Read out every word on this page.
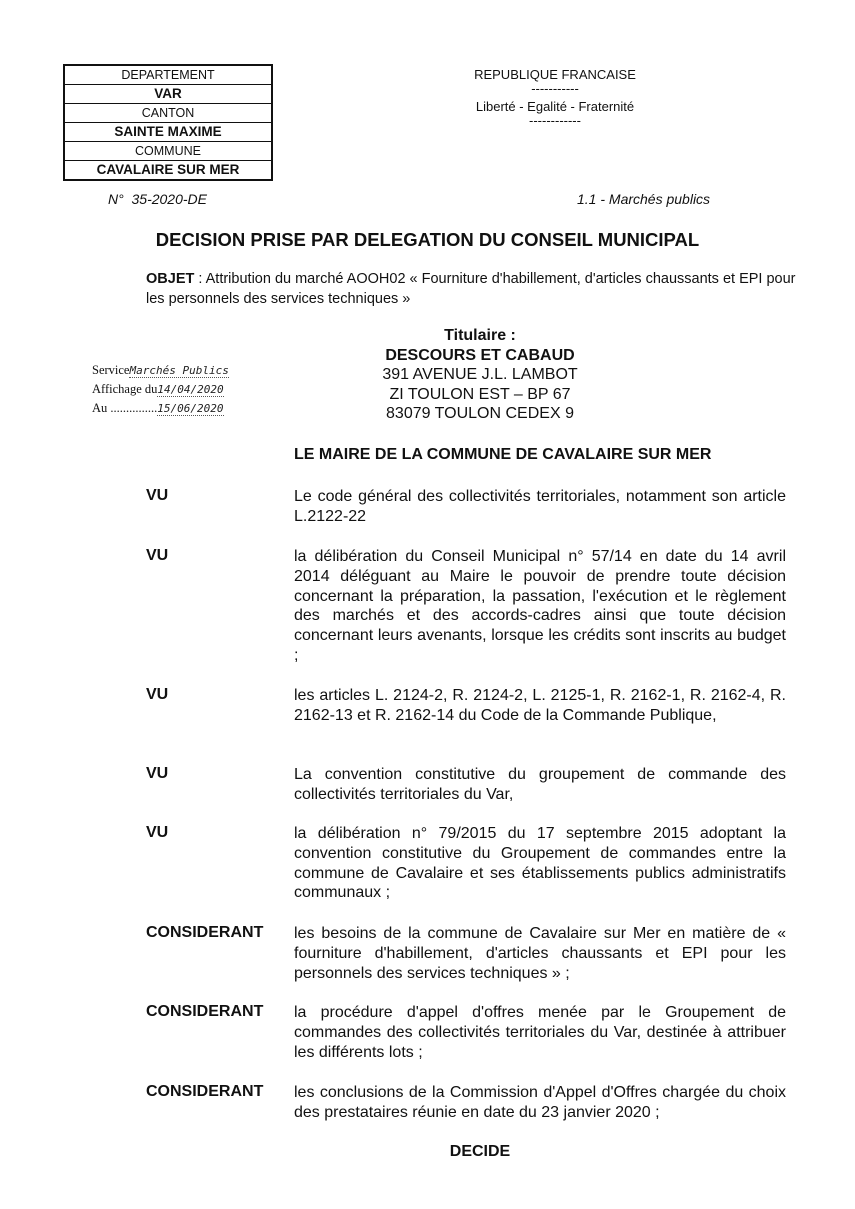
DEPARTEMENT
VAR
CANTON
SAINTE MAXIME
COMMUNE
CAVALAIRE SUR MER
REPUBLIQUE FRANCAISE
-----------
Liberté - Egalité - Fraternité
------------
N° 35-2020-DE	1.1 - Marchés publics
DECISION PRISE PAR DELEGATION DU CONSEIL MUNICIPAL
OBJET : Attribution du marché AOOH02 « Fourniture d'habillement, d'articles chaussants et EPI pour les personnels des services techniques »
Titulaire :
DESCOURS ET CABAUD
391 AVENUE J.L. LAMBOT
ZI TOULON EST – BP 67
83079 TOULON CEDEX 9
ServiceMarchés Publics
Affichage du14/04/2020
Au ...............15/06/2020
LE MAIRE DE LA COMMUNE DE CAVALAIRE SUR MER
VU	Le code général des collectivités territoriales, notamment son article L.2122-22
VU	la délibération du Conseil Municipal n° 57/14 en date du 14 avril 2014 déléguant au Maire le pouvoir de prendre toute décision concernant la préparation, la passation, l'exécution et le règlement des marchés et des accords-cadres ainsi que toute décision concernant leurs avenants, lorsque les crédits sont inscrits au budget ;
VU	les articles L. 2124-2, R. 2124-2, L. 2125-1, R. 2162-1, R. 2162-4, R. 2162-13 et R. 2162-14 du Code de la Commande Publique,
VU	La convention constitutive du groupement de commande des collectivités territoriales du Var,
VU	la délibération n° 79/2015 du 17 septembre 2015 adoptant la convention constitutive du Groupement de commandes entre la commune de Cavalaire et ses établissements publics administratifs communaux ;
CONSIDERANT les besoins de la commune de Cavalaire sur Mer en matière de « fourniture d'habillement, d'articles chaussants et EPI pour les personnels des services techniques » ;
CONSIDERANT la procédure d'appel d'offres menée par le Groupement de commandes des collectivités territoriales du Var, destinée à attribuer les différents lots ;
CONSIDERANT les conclusions de la Commission d'Appel d'Offres chargée du choix des prestataires réunie en date du 23 janvier 2020 ;
DECIDE
